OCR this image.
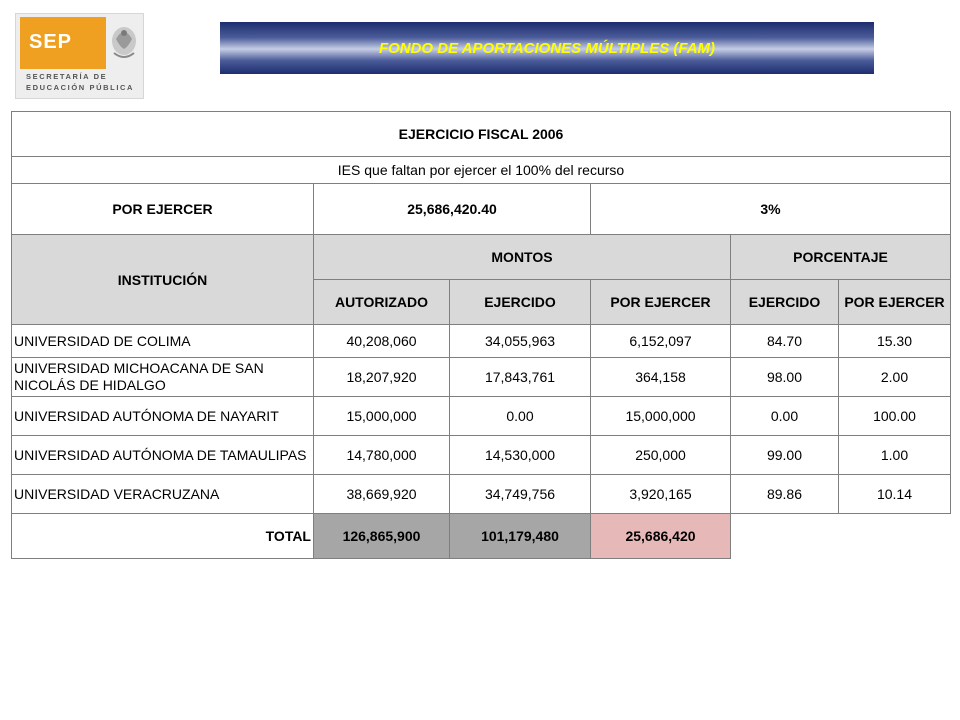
SEP
SECRETARÍA DE
EDUCACIÓN PÚBLICA
FONDO DE APORTACIONES MÚLTIPLES (FAM)
EJERCICIO FISCAL 2006					
IES que faltan por ejercer el 100% del recurso					
POR EJERCER	25,686,420.40		3%		
INSTITUCIÓN	MONTOS			PORCENTAJE	
	AUTORIZADO	EJERCIDO	POR EJERCER	EJERCIDO	POR EJERCER
UNIVERSIDAD DE COLIMA	40,208,060	34,055,963	6,152,097	84.70	15.30
UNIVERSIDAD MICHOACANA DE SAN NICOLÁS DE HIDALGO	18,207,920	17,843,761	364,158	98.00	2.00
UNIVERSIDAD AUTÓNOMA DE NAYARIT	15,000,000	0.00	15,000,000	0.00	100.00
UNIVERSIDAD AUTÓNOMA DE TAMAULIPAS	14,780,000	14,530,000	250,000	99.00	1.00
UNIVERSIDAD VERACRUZANA	38,669,920	34,749,756	3,920,165	89.86	10.14
TOTAL	126,865,900	101,179,480	25,686,420		
